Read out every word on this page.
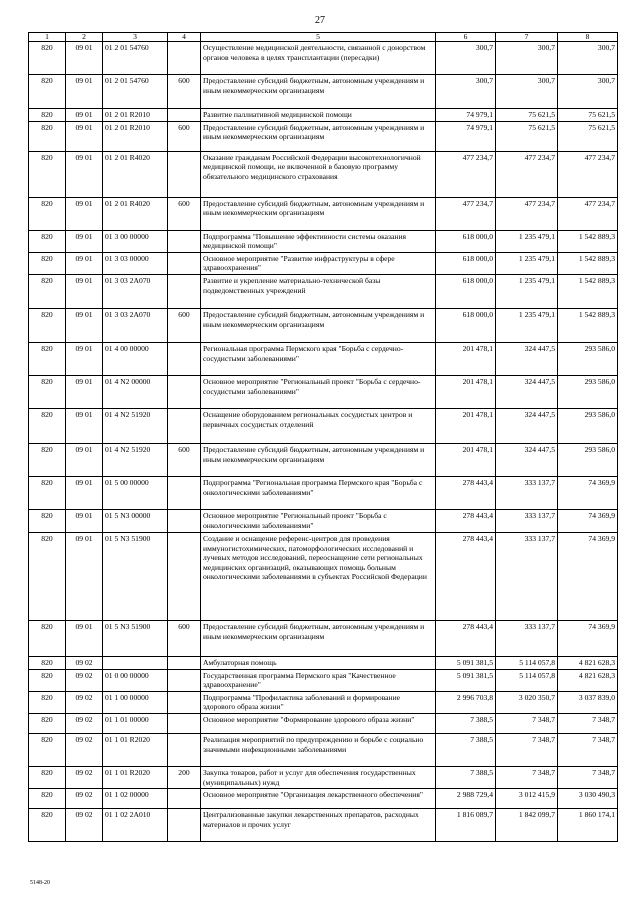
27
1	2	3	4	5	6	7	8
820	09 01	01 2 01 54760		Осуществление медицинской деятельности, связанной с донорством органов человека в целях трансплантации (пересадки)	300,7	300,7	300,7
820	09 01	01 2 01 54760	600	Предоставление субсидий бюджетным, автономным учреждениям и иным некоммерческим организациям	300,7	300,7	300,7
820	09 01	01 2 01 R2010		Развитие паллиативной медицинской помощи	74 979,1	75 621,5	75 621,5
820	09 01	01 2 01 R2010	600	Предоставление субсидий бюджетным, автономным учреждениям и иным некоммерческим организациям	74 979,1	75 621,5	75 621,5
820	09 01	01 2 01 R4020		Оказание гражданам Российской Федерации высокотехнологичной медицинской помощи, не включенной в базовую программу обязательного медицинского страхования	477 234,7	477 234,7	477 234,7
820	09 01	01 2 01 R4020	600	Предоставление субсидий бюджетным, автономным учреждениям и иным некоммерческим организациям	477 234,7	477 234,7	477 234,7
820	09 01	01 3 00 00000		Подпрограмма "Повышение эффективности системы оказания медицинской помощи"	618 000,0	1 235 479,1	1 542 889,3
820	09 01	01 3 03 00000		Основное мероприятие "Развитие инфраструктуры в сфере здравоохранения"	618 000,0	1 235 479,1	1 542 889,3
820	09 01	01 3 03 2А070		Развитие и укрепление материально-технической базы подведомственных учреждений	618 000,0	1 235 479,1	1 542 889,3
820	09 01	01 3 03 2А070	600	Предоставление субсидий бюджетным, автономным учреждениям и иным некоммерческим организациям	618 000,0	1 235 479,1	1 542 889,3
820	09 01	01 4 00 00000		Региональная программа Пермского края "Борьба с сердечно-сосудистыми заболеваниями"	201 478,1	324 447,5	293 586,0
820	09 01	01 4 N2 00000		Основное мероприятие "Региональный проект "Борьба с сердечно-сосудистыми заболеваниями"	201 478,1	324 447,5	293 586,0
820	09 01	01 4 N2 51920		Оснащение оборудованием региональных сосудистых центров и первичных сосудистых отделений	201 478,1	324 447,5	293 586,0
820	09 01	01 4 N2 51920	600	Предоставление субсидий бюджетным, автономным учреждениям и иным некоммерческим организациям	201 478,1	324 447,5	293 586,0
820	09 01	01 5 00 00000		Подпрограмма "Региональная программа Пермского края "Борьба с онкологическими заболеваниями"	278 443,4	333 137,7	74 369,9
820	09 01	01 5 N3 00000		Основное мероприятие "Региональный проект "Борьба с онкологическими заболеваниями"	278 443,4	333 137,7	74 369,9
820	09 01	01 5 N3 51900		Создание и оснащение референс-центров для проведения иммуногистохимических, патоморфологических исследований и лучевых методов исследований, переоснащение сети региональных медицинских организаций, оказывающих помощь больным онкологическими заболеваниями в субъектах Российской Федерации	278 443,4	333 137,7	74 369,9
820	09 01	01 5 N3 51900	600	Предоставление субсидий бюджетным, автономным учреждениям и иным некоммерческим организациям	278 443,4	333 137,7	74 369,9
820	09 02			Амбулаторная помощь	5 091 381,5	5 114 057,8	4 821 628,3
820	09 02	01 0 00 00000		Государственная программа Пермского края "Качественное здравоохранение"	5 091 381,5	5 114 057,8	4 821 628,3
820	09 02	01 1 00 00000		Подпрограмма "Профилактика заболеваний и формирование здорового образа жизни"	2 996 703,8	3 020 350,7	3 037 839,0
820	09 02	01 1 01 00000		Основное мероприятие "Формирование здорового образа жизни"	7 388,5	7 348,7	7 348,7
820	09 02	01 1 01 R2020		Реализация мероприятий по предупреждению и борьбе с социально значимыми инфекционными заболеваниями	7 388,5	7 348,7	7 348,7
820	09 02	01 1 01 R2020	200	Закупка товаров, работ и услуг для обеспечения государственных (муниципальных) нужд	7 388,5	7 348,7	7 348,7
820	09 02	01 1 02 00000		Основное мероприятие "Организация лекарственного обеспечения"	2 988 729,4	3 012 415,9	3 030 490,3
820	09 02	01 1 02 2А010		Централизованные закупки лекарственных препаратов, расходных материалов и прочих услуг	1 816 089,7	1 842 099,7	1 860 174,1
5148-20
